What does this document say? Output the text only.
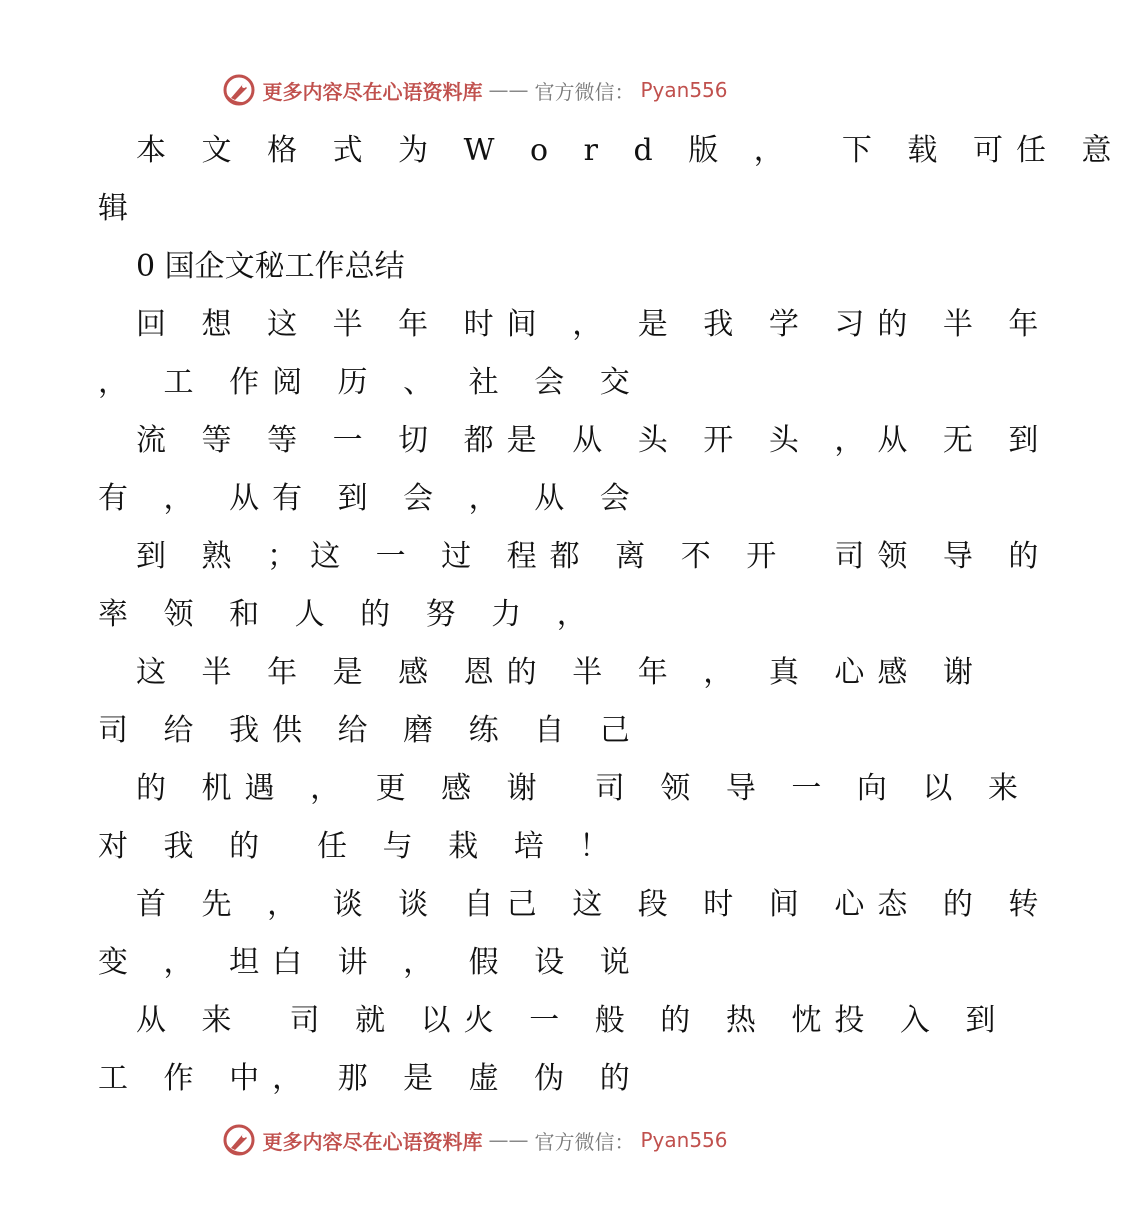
更多内容尽在心语资料库 —— 官方微信： Pyan556
本 文 格 式 为 W o r d 版 ，  下 载 可任 意
辑
0 国企文秘工作总结
回 想 这 半 年 时间 ， 是 我 学 习的 半 年
， 工 作阅 历 、 社 会 交
流 等 等 一 切 都是 从 头 开 头 ，从 无 到
有 ， 从有 到 会 ， 从 会
到 熟 ；这 一 过 程都 离 不 开  司领 导 的
率 领 和 人 的 努 力 ，
这 半 年 是 感 恩的 半 年 ， 真 心感 谢
司 给 我供 给 磨 练 自 己
的 机遇 ， 更 感 谢  司 领 导 一 向 以 来
对 我 的  任 与 栽 培 ！
首 先 ， 谈 谈 自己 这 段 时 间 心态 的 转
变 ， 坦白 讲 ， 假 设 说
从 来  司 就 以火 一 般 的 热 忱投 入 到
工 作 中， 那 是 虚 伪 的
更多内容尽在心语资料库 —— 官方微信： Pyan556
